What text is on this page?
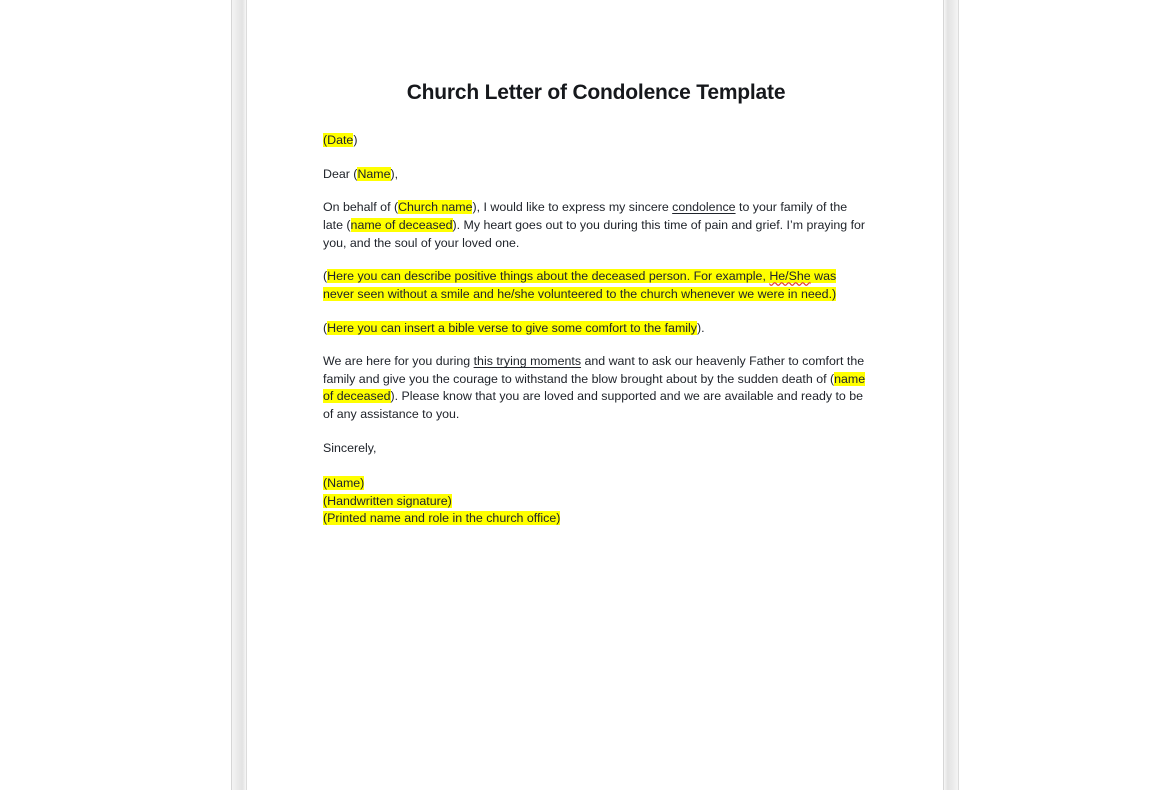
Church Letter of Condolence Template

(Date)

Dear (Name),

On behalf of (Church name), I would like to express my sincere condolence to your family of the late (name of deceased). My heart goes out to you during this time of pain and grief. I’m praying for you, and the soul of your loved one.

(Here you can describe positive things about the deceased person. For example, He/She was never seen without a smile and he/she volunteered to the church whenever we were in need.)

(Here you can insert a bible verse to give some comfort to the family).

We are here for you during this trying moments and want to ask our heavenly Father to comfort the family and give you the courage to withstand the blow brought about by the sudden death of (name of deceased). Please know that you are loved and supported and we are available and ready to be of any assistance to you.

Sincerely,

(Name)

(Handwritten signature)

(Printed name and role in the church office)
